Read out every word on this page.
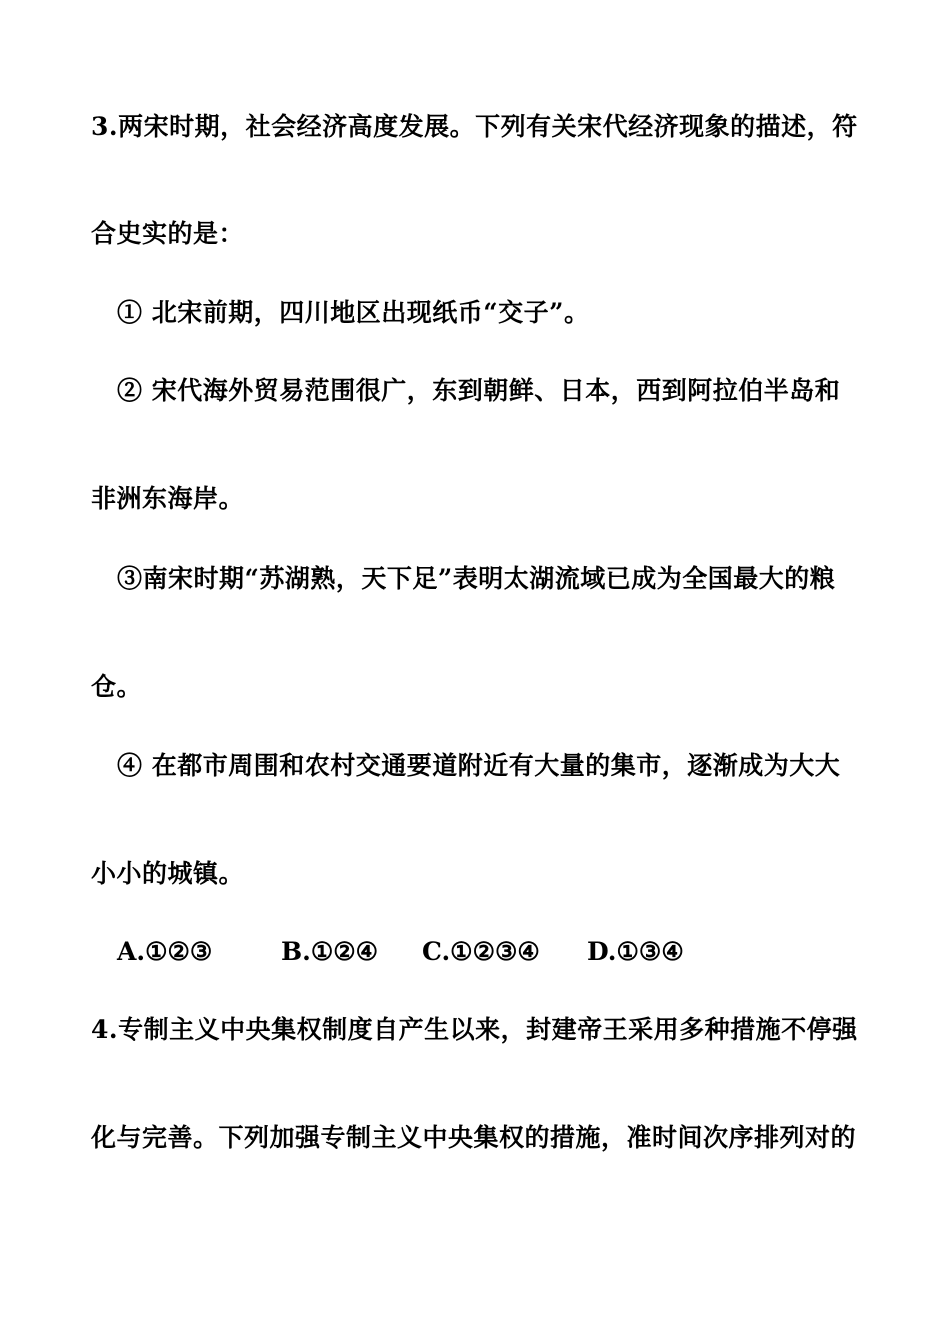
3.两宋时期，社会经济高度发展。下列有关宋代经济现象的描述，符
合史实的是：
① 北宋前期，四川地区出现纸币“交子”。
② 宋代海外贸易范围很广，东到朝鲜、日本，西到阿拉伯半岛和
非洲东海岸。
③南宋时期“苏湖熟，天下足”表明太湖流域已成为全国最大的粮
仓。
④ 在都市周围和农村交通要道附近有大量的集市，逐渐成为大大
小小的城镇。
A.①②③	B.①②④ C.①②③④ D.①③④
4.专制主义中央集权制度自产生以来，封建帝王采用多种措施不停强
化与完善。下列加强专制主义中央集权的措施，准时间次序排列对的
